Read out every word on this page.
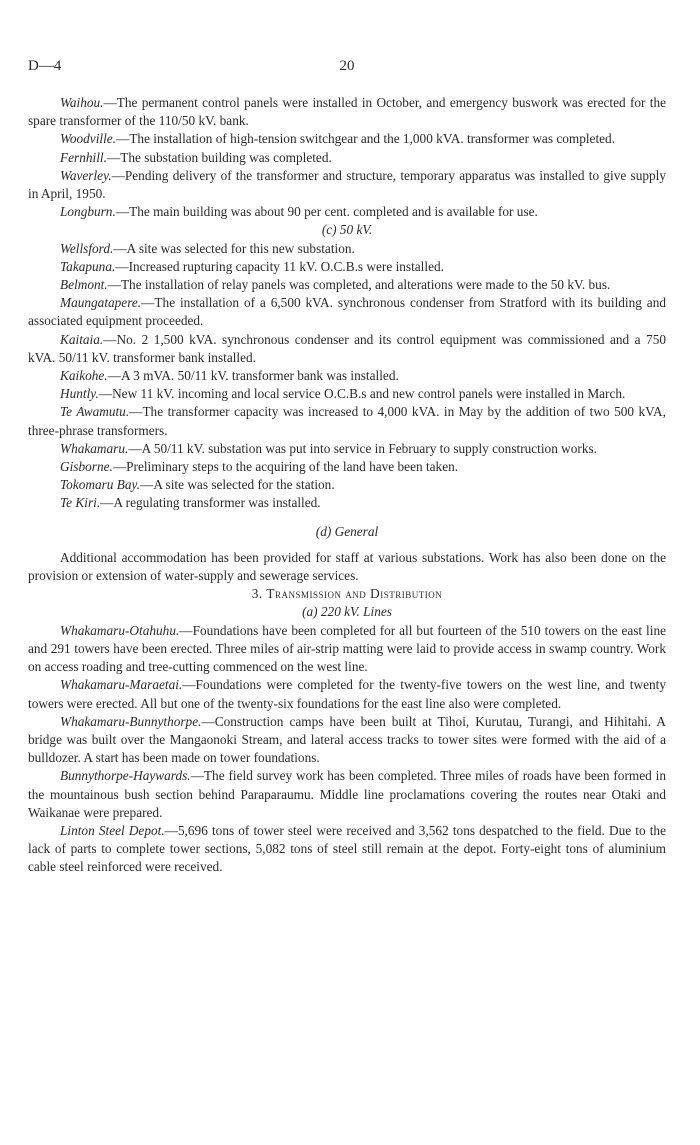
D—4	20

Waihou.—The permanent control panels were installed in October, and emergency buswork was erected for the spare transformer of the 110/50 kV. bank.

Woodville.—The installation of high-tension switchgear and the 1,000 kVA. transformer was completed.

Fernhill.—The substation building was completed.

Waverley.—Pending delivery of the transformer and structure, temporary apparatus was installed to give supply in April, 1950.

Longburn.—The main building was about 90 per cent. completed and is available for use.

(c) 50 kV.

Wellsford.—A site was selected for this new substation.

Takapuna.—Increased rupturing capacity 11 kV. O.C.B.s were installed.

Belmont.—The installation of relay panels was completed, and alterations were made to the 50 kV. bus.

Maungatapere.—The installation of a 6,500 kVA. synchronous condenser from Stratford with its building and associated equipment proceeded.

Kaitaia.—No. 2 1,500 kVA. synchronous condenser and its control equipment was commissioned and a 750 kVA. 50/11 kV. transformer bank installed.

Kaikohe.—A 3 mVA. 50/11 kV. transformer bank was installed.

Huntly.—New 11 kV. incoming and local service O.C.B.s and new control panels were installed in March.

Te Awamutu.—The transformer capacity was increased to 4,000 kVA. in May by the addition of two 500 kVA, three-phrase transformers.

Whakamaru.—A 50/11 kV. substation was put into service in February to supply construction works.

Gisborne.—Preliminary steps to the acquiring of the land have been taken.

Tokomaru Bay.—A site was selected for the station.

Te Kiri.—A regulating transformer was installed.

(d) General

Additional accommodation has been provided for staff at various substations. Work has also been done on the provision or extension of water-supply and sewerage services.

3. Transmission and Distribution

(a) 220 kV. Lines

Whakamaru-Otahuhu.—Foundations have been completed for all but fourteen of the 510 towers on the east line and 291 towers have been erected. Three miles of air-strip matting were laid to provide access in swamp country. Work on access roading and tree-cutting commenced on the west line.

Whakamaru-Maraetai.—Foundations were completed for the twenty-five towers on the west line, and twenty towers were erected. All but one of the twenty-six foundations for the east line also were completed.

Whakamaru-Bunnythorpe.—Construction camps have been built at Tihoi, Kurutau, Turangi, and Hihitahi. A bridge was built over the Mangaonoki Stream, and lateral access tracks to tower sites were formed with the aid of a bulldozer. A start has been made on tower foundations.

Bunnythorpe-Haywards.—The field survey work has been completed. Three miles of roads have been formed in the mountainous bush section behind Paraparaumu. Middle line proclamations covering the routes near Otaki and Waikanae were prepared.

Linton Steel Depot.—5,696 tons of tower steel were received and 3,562 tons despatched to the field. Due to the lack of parts to complete tower sections, 5,082 tons of steel still remain at the depot. Forty-eight tons of aluminium cable steel reinforced were received.
